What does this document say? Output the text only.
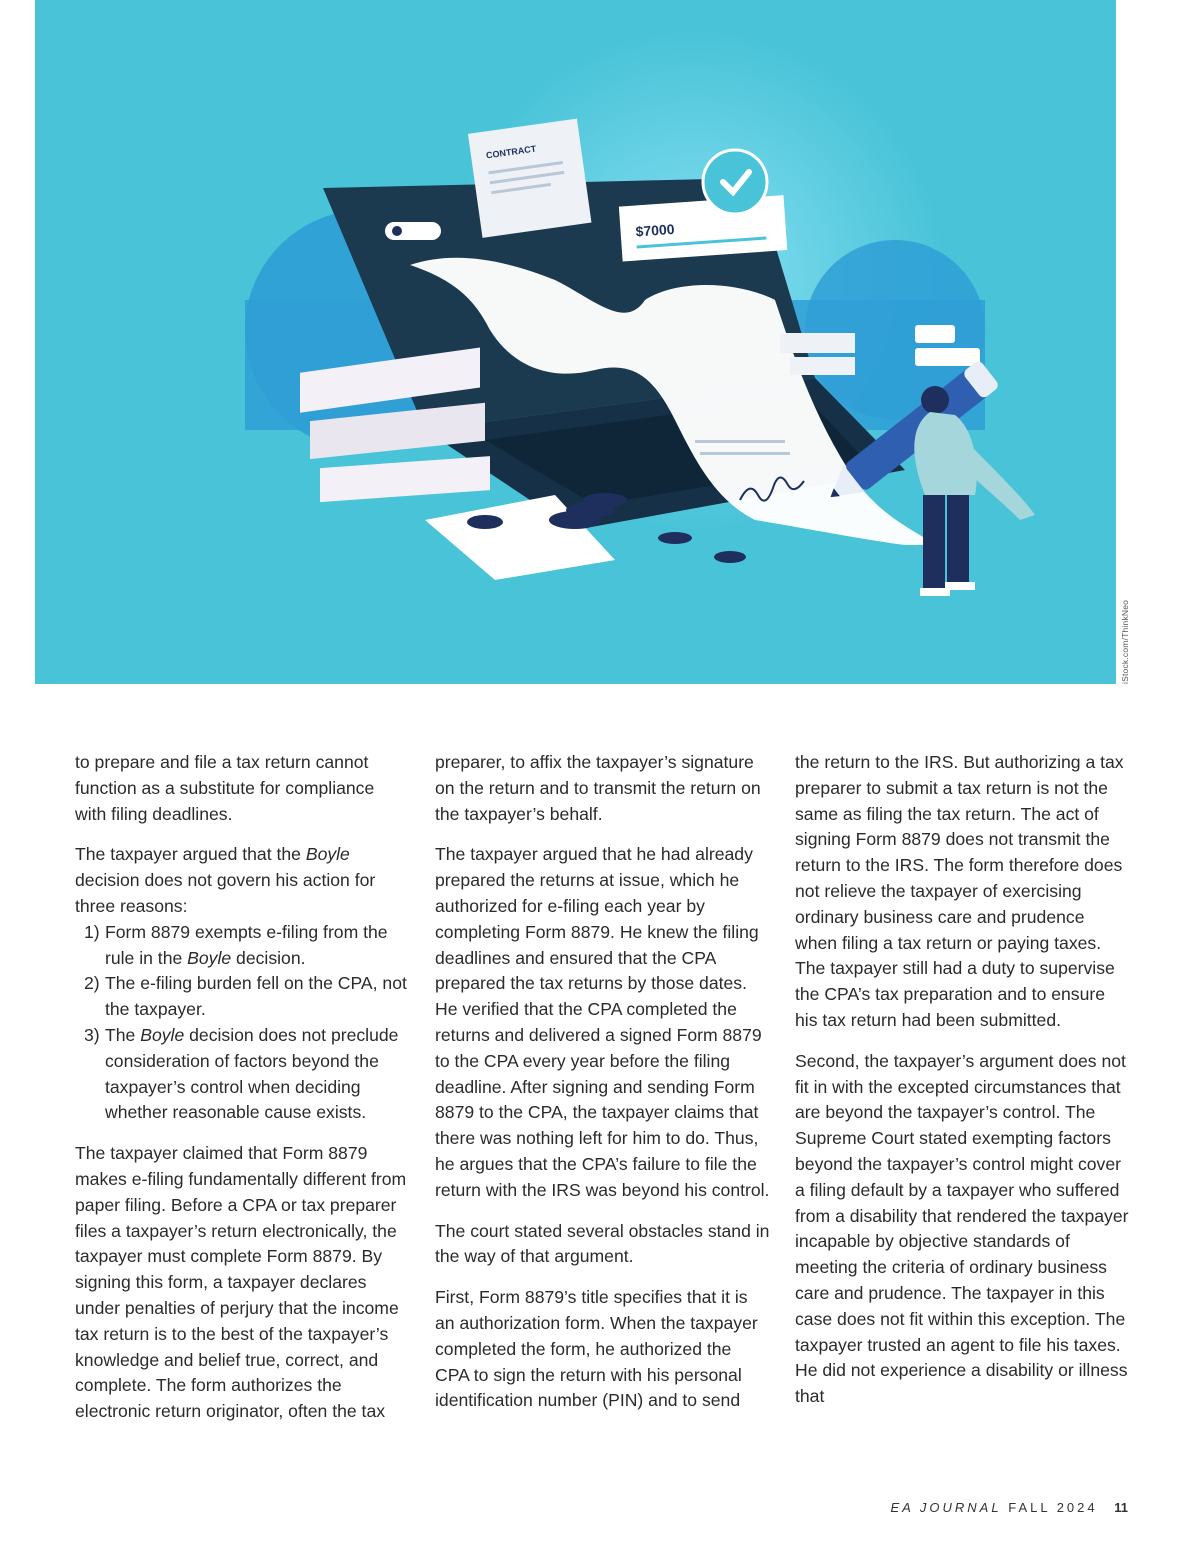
CONTRACT
$7000
iStock.com/ThinkNeo

to prepare and file a tax return cannot function as a substitute for compliance with filing deadlines.

The taxpayer argued that the Boyle decision does not govern his action for three reasons:

1) Form 8879 exempts e-filing from the rule in the Boyle decision.
2) The e-filing burden fell on the CPA, not the taxpayer.
3) The Boyle decision does not preclude consideration of factors beyond the taxpayer’s control when deciding whether reasonable cause exists.

The taxpayer claimed that Form 8879 makes e-filing fundamentally different from paper filing. Before a CPA or tax preparer files a taxpayer’s return electronically, the taxpayer must complete Form 8879. By signing this form, a taxpayer declares under penalties of perjury that the income tax return is to the best of the taxpayer’s knowledge and belief true, correct, and complete. The form authorizes the electronic return originator, often the tax

preparer, to affix the taxpayer’s signature on the return and to transmit the return on the taxpayer’s behalf.

The taxpayer argued that he had already prepared the returns at issue, which he authorized for e-filing each year by completing Form 8879. He knew the filing deadlines and ensured that the CPA prepared the tax returns by those dates. He verified that the CPA completed the returns and delivered a signed Form 8879 to the CPA every year before the filing deadline. After signing and sending Form 8879 to the CPA, the taxpayer claims that there was nothing left for him to do. Thus, he argues that the CPA’s failure to file the return with the IRS was beyond his control.

The court stated several obstacles stand in the way of that argument.

First, Form 8879’s title specifies that it is an authorization form. When the taxpayer completed the form, he authorized the CPA to sign the return with his personal identification number (PIN) and to send

the return to the IRS. But authorizing a tax preparer to submit a tax return is not the same as filing the tax return. The act of signing Form 8879 does not transmit the return to the IRS. The form therefore does not relieve the taxpayer of exercising ordinary business care and prudence when filing a tax return or paying taxes. The taxpayer still had a duty to supervise the CPA’s tax preparation and to ensure his tax return had been submitted.

Second, the taxpayer’s argument does not fit in with the excepted circumstances that are beyond the taxpayer’s control. The Supreme Court stated exempting factors beyond the taxpayer’s control might cover a filing default by a taxpayer who suffered from a disability that rendered the taxpayer incapable by objective standards of meeting the criteria of ordinary business care and prudence. The taxpayer in this case does not fit within this exception. The taxpayer trusted an agent to file his taxes. He did not experience a disability or illness that

EA JOURNAL FALL 2024 11
